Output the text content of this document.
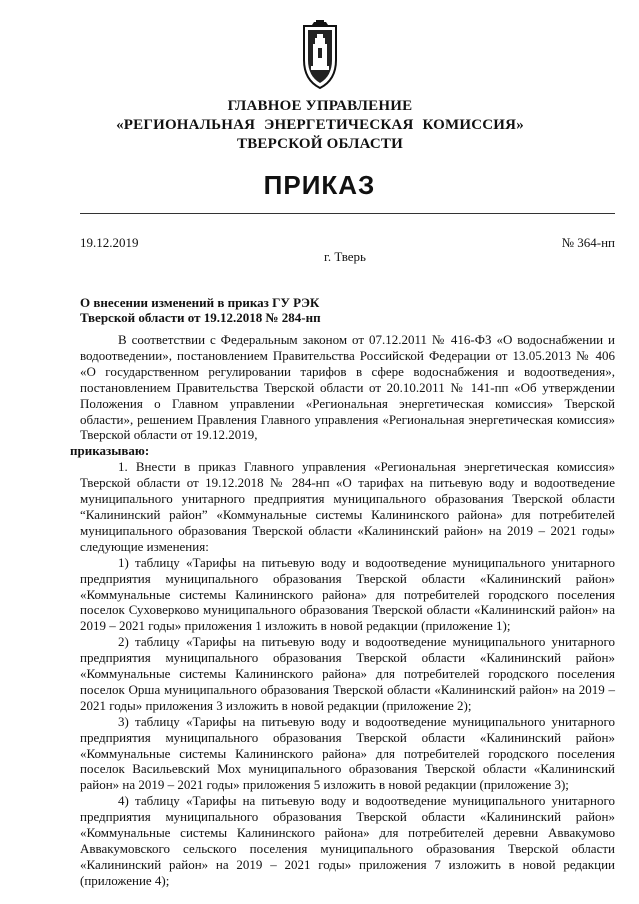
ГЛАВНОЕ УПРАВЛЕНИЕ
«РЕГИОНАЛЬНАЯ ЭНЕРГЕТИЧЕСКАЯ КОМИССИЯ»
ТВЕРСКОЙ ОБЛАСТИ
ПРИКАЗ
19.12.2019	№ 364-нп
г. Тверь
О внесении изменений в приказ ГУ РЭК
Тверской области от 19.12.2018 № 284-нп

В соответствии с Федеральным законом от 07.12.2011 № 416-ФЗ «О водоснабжении и водоотведении», постановлением Правительства Российской Федерации от 13.05.2013 № 406 «О государственном регулировании тарифов в сфере водоснабжения и водоотведения», постановлением Правительства Тверской области от 20.10.2011 № 141-пп «Об утверждении Положения о Главном управлении «Региональная энергетическая комиссия» Тверской области», решением Правления Главного управления «Региональная энергетическая комиссия» Тверской области от 19.12.2019,

приказываю:

1. Внести в приказ Главного управления «Региональная энергетическая комиссия» Тверской области от 19.12.2018 № 284-нп «О тарифах на питьевую воду и водоотведение муниципального унитарного предприятия муниципального образования Тверской области “Калининский район” «Коммунальные системы Калининского района» для потребителей муниципального образования Тверской области «Калининский район» на 2019 – 2021 годы» следующие изменения:

1) таблицу «Тарифы на питьевую воду и водоотведение муниципального унитарного предприятия муниципального образования Тверской области «Калининский район» «Коммунальные системы Калининского района» для потребителей городского поселения поселок Суховерково муниципального образования Тверской области «Калининский район» на 2019 – 2021 годы» приложения 1 изложить в новой редакции (приложение 1);

2) таблицу «Тарифы на питьевую воду и водоотведение муниципального унитарного предприятия муниципального образования Тверской области «Калининский район» «Коммунальные системы Калининского района» для потребителей городского поселения поселок Орша муниципального образования Тверской области «Калининский район» на 2019 – 2021 годы» приложения 3 изложить в новой редакции (приложение 2);

3) таблицу «Тарифы на питьевую воду и водоотведение муниципального унитарного предприятия муниципального образования Тверской области «Калининский район» «Коммунальные системы Калининского района» для потребителей городского поселения поселок Васильевский Мох муниципального образования Тверской области «Калининский район» на 2019 – 2021 годы» приложения 5 изложить в новой редакции (приложение 3);

4) таблицу «Тарифы на питьевую воду и водоотведение муниципального унитарного предприятия муниципального образования Тверской области «Калининский район» «Коммунальные системы Калининского района» для потребителей деревни Аввакумово Аввакумовского сельского поселения муниципального образования Тверской области «Калининский район» на 2019 – 2021 годы» приложения 7 изложить в новой редакции (приложение 4);
